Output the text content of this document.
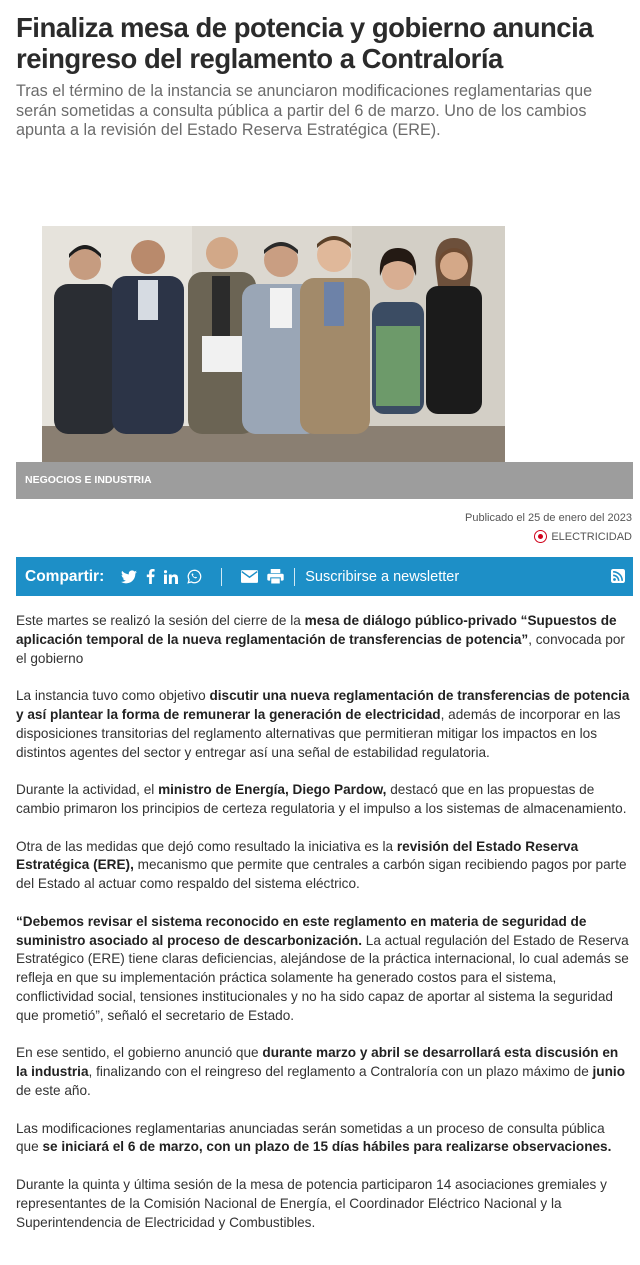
Finaliza mesa de potencia y gobierno anuncia reingreso del reglamento a Contraloría

Tras el término de la instancia se anunciaron modificaciones reglamentarias que serán sometidas a consulta pública a partir del 6 de marzo. Uno de los cambios apunta a la revisión del Estado Reserva Estratégica (ERE).

NEGOCIOS E INDUSTRIA
Publicado el 25 de enero del 2023
ELECTRICIDAD
Compartir:	Suscribirse a newsletter

Este martes se realizó la sesión del cierre de la mesa de diálogo público-privado “Supuestos de aplicación temporal de la nueva reglamentación de transferencias de potencia”, convocada por el gobierno

La instancia tuvo como objetivo discutir una nueva reglamentación de transferencias de potencia y así plantear la forma de remunerar la generación de electricidad, además de incorporar en las disposiciones transitorias del reglamento alternativas que permitieran mitigar los impactos en los distintos agentes del sector y entregar así una señal de estabilidad regulatoria.

Durante la actividad, el ministro de Energía, Diego Pardow, destacó que en las propuestas de cambio primaron los principios de certeza regulatoria y el impulso a los sistemas de almacenamiento.

Otra de las medidas que dejó como resultado la iniciativa es la revisión del Estado Reserva Estratégica (ERE), mecanismo que permite que centrales a carbón sigan recibiendo pagos por parte del Estado al actuar como respaldo del sistema eléctrico.

“Debemos revisar el sistema reconocido en este reglamento en materia de seguridad de suministro asociado al proceso de descarbonización. La actual regulación del Estado de Reserva Estratégico (ERE) tiene claras deficiencias, alejándose de la práctica internacional, lo cual además se refleja en que su implementación práctica solamente ha generado costos para el sistema, conflictividad social, tensiones institucionales y no ha sido capaz de aportar al sistema la seguridad que prometió”, señaló el secretario de Estado.

En ese sentido, el gobierno anunció que durante marzo y abril se desarrollará esta discusión en la industria, finalizando con el reingreso del reglamento a Contraloría con un plazo máximo de junio de este año.

Las modificaciones reglamentarias anunciadas serán sometidas a un proceso de consulta pública que se iniciará el 6 de marzo, con un plazo de 15 días hábiles para realizarse observaciones.

Durante la quinta y última sesión de la mesa de potencia participaron 14 asociaciones gremiales y representantes de la Comisión Nacional de Energía, el Coordinador Eléctrico Nacional y la Superintendencia de Electricidad y Combustibles.
